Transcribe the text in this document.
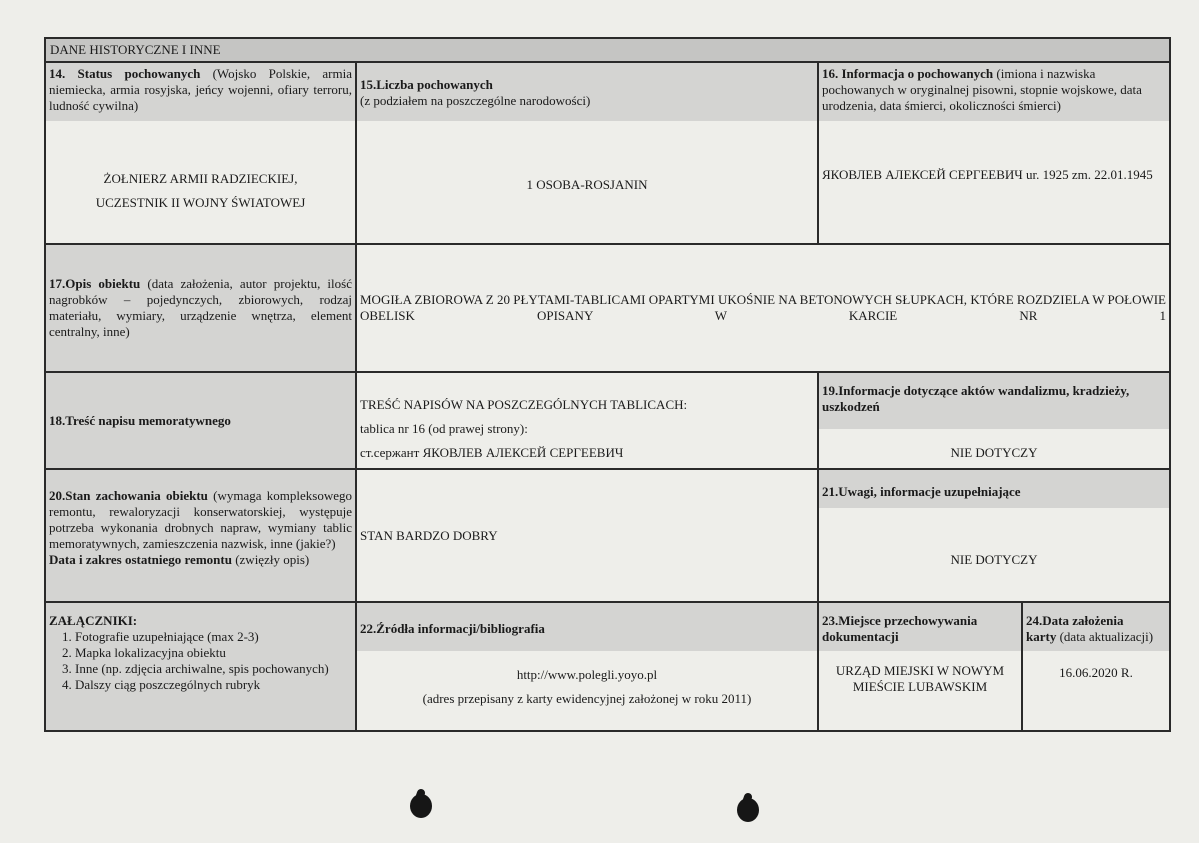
DANE HISTORYCZNE I INNE
14. Status pochowanych (Wojsko Polskie, armia niemiecka, armia rosyjska, jeńcy wojenni, ofiary terroru, ludność cywilna)
ŻOŁNIERZ ARMII RADZIECKIEJ,
UCZESTNIK II WOJNY ŚWIATOWEJ
15.Liczba pochowanych
(z podziałem na poszczególne narodowości)
1 OSOBA-ROSJANIN
16. Informacja o pochowanych (imiona i nazwiska pochowanych w oryginalnej pisowni, stopnie wojskowe, data urodzenia, data śmierci, okoliczności śmierci)
ЯКОВЛЕВ АЛЕКСЕЙ СЕРГЕЕВИЧ ur. 1925 zm. 22.01.1945
17.Opis obiektu (data założenia, autor projektu, ilość nagrobków – pojedynczych, zbiorowych, rodzaj materiału, wymiary, urządzenie wnętrza, element centralny, inne)
MOGIŁA ZBIOROWA Z 20 PŁYTAMI-TABLICAMI OPARTYMI UKOŚNIE NA BETONOWYCH SŁUPKACH, KTÓRE ROZDZIELA W POŁOWIE OBELISK OPISANY W KARCIE NR 1
18.Treść napisu memoratywnego
TREŚĆ NAPISÓW NA POSZCZEGÓLNYCH TABLICACH:
tablica nr 16 (od prawej strony):
ст.сержант ЯКОВЛЕВ АЛЕКСЕЙ СЕРГЕЕВИЧ
19.Informacje dotyczące aktów wandalizmu, kradzieży, uszkodzeń
NIE DOTYCZY
20.Stan zachowania obiektu (wymaga kompleksowego remontu, rewaloryzacji konserwatorskiej, występuje potrzeba wykonania drobnych napraw, wymiany tablic memoratywnych, zamieszczenia nazwisk, inne (jakie?)
Data i zakres ostatniego remontu (zwięzły opis)
STAN BARDZO DOBRY
21.Uwagi, informacje uzupełniające
NIE DOTYCZY
ZAŁĄCZNIKI:
1. Fotografie uzupełniające (max 2-3)
2. Mapka lokalizacyjna obiektu
3. Inne (np. zdjęcia archiwalne, spis pochowanych)
4. Dalszy ciąg poszczególnych rubryk
22.Źródła informacji/bibliografia
http://www.polegli.yoyo.pl
(adres przepisany z karty ewidencyjnej założonej w roku 2011)
23.Miejsce przechowywania dokumentacji
URZĄD MIEJSKI W NOWYM MIEŚCIE LUBAWSKIM
24.Data założenia
karty (data aktualizacji)
16.06.2020 R.
